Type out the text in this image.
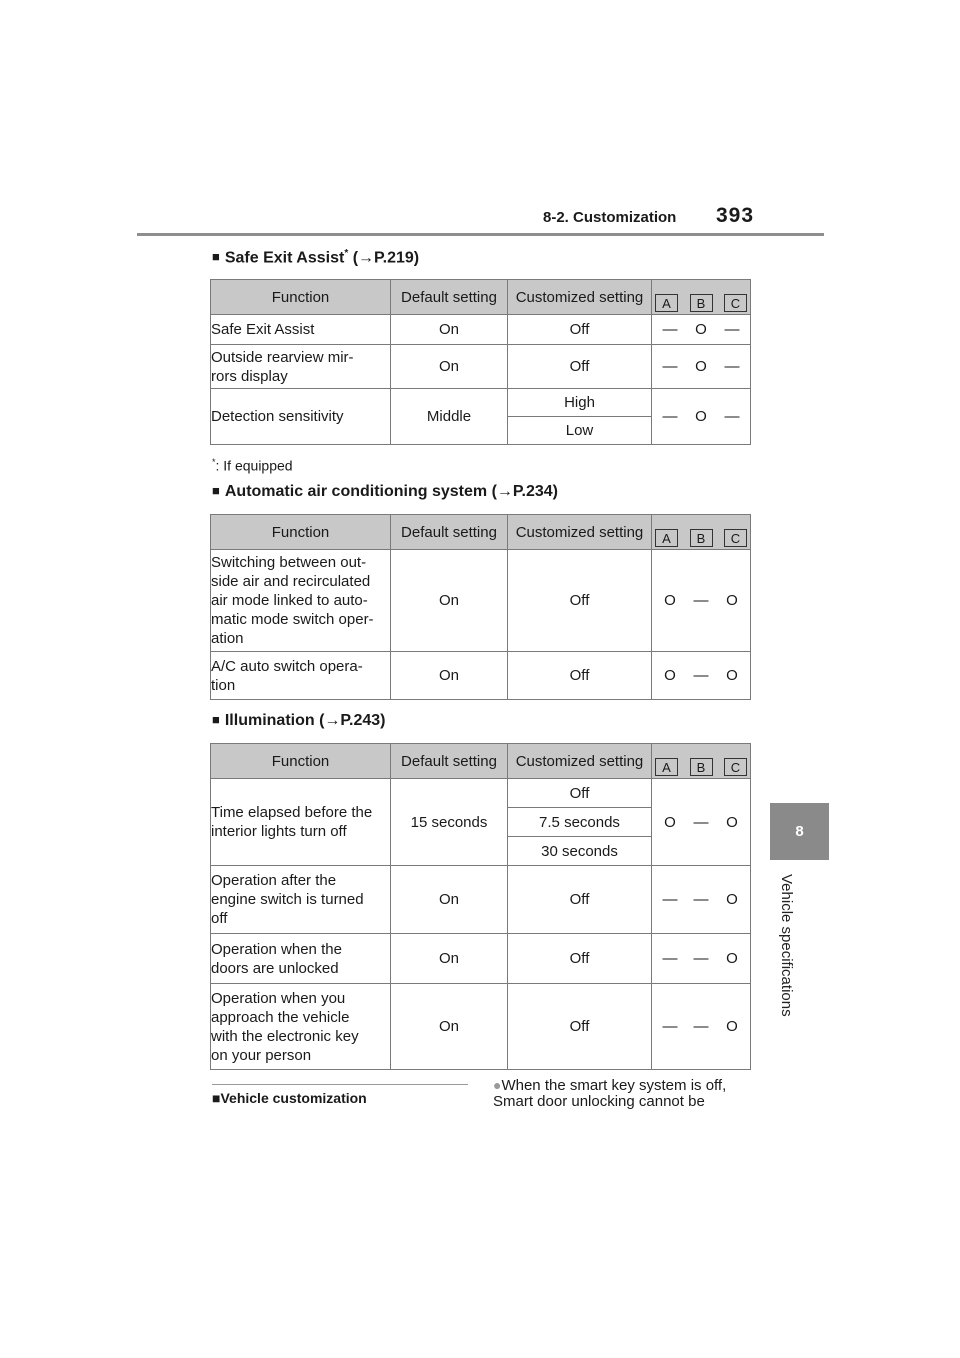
8-2. Customization 393
8
Vehicle specifications
■ Safe Exit Assist* (→P.219)
Function	Default setting	Customized setting	A B C

Safe Exit Assist	On	Off	— O —

Outside rearview mir-
rors display	On	Off	— O —

Detection sensitivity	Middle	High	— O —

		Low	
*: If equipped
■ Automatic air conditioning system (→P.234)
Function	Default setting	Customized setting	A B C

Switching between out-
side air and recirculated
air mode linked to auto-
matic mode switch oper-
ation	On	Off	O — O

A/C auto switch opera-
tion	On	Off	O — O
■ Illumination (→P.243)
Function	Default setting	Customized setting	A B C

Time elapsed before the
interior lights turn off	15 seconds	Off	O — O

		7.5 seconds	
		30 seconds	
Operation after the
engine switch is turned
off	On	Off	— — O

Operation when the
doors are unlocked	On	Off	— — O

Operation when you
approach the vehicle
with the electronic key
on your person	On	Off	— — O
■Vehicle customization
●When the smart key system is off, Smart door unlocking cannot be
